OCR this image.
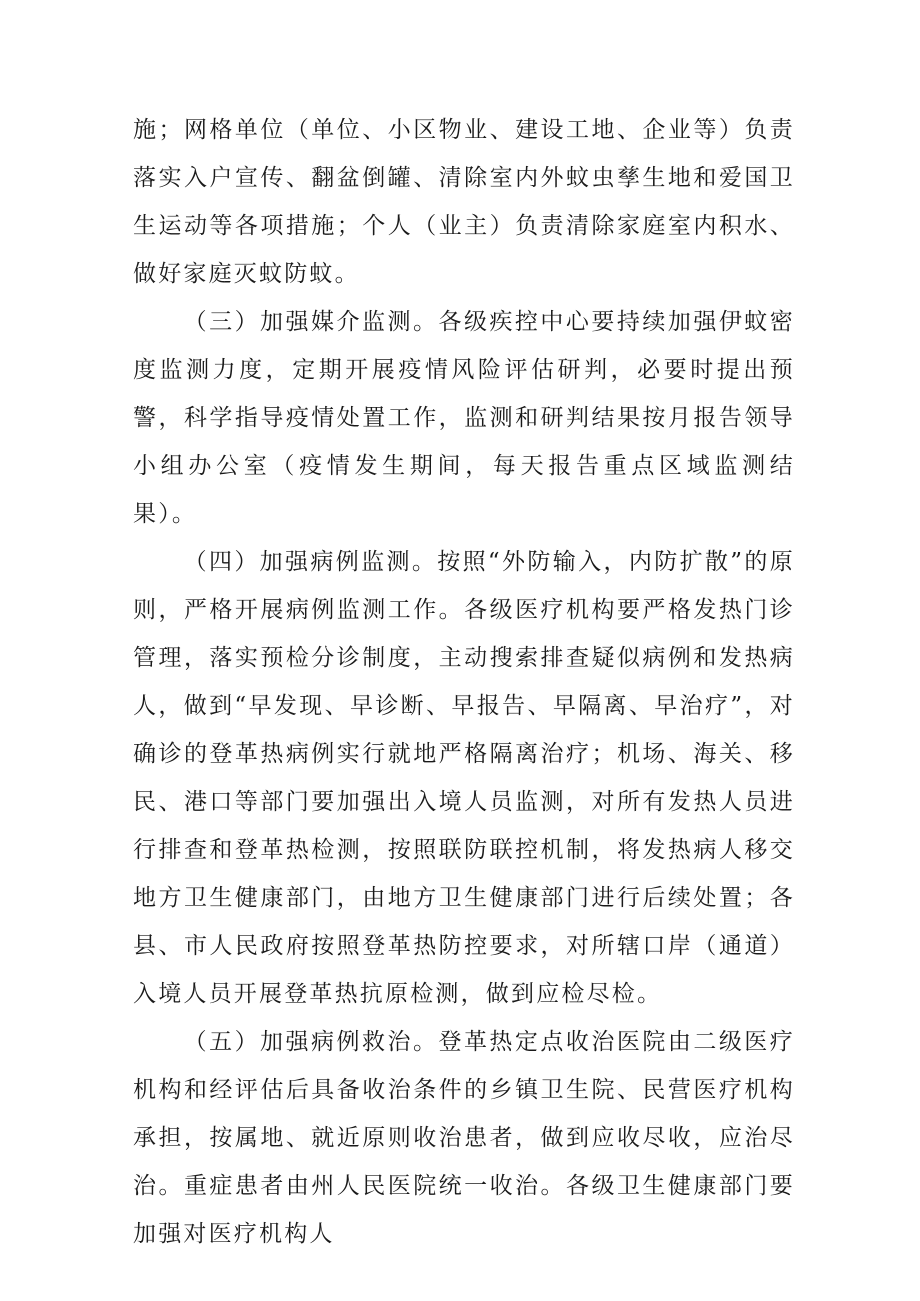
施；网格单位（单位、小区物业、建设工地、企业等）负责落实入户宣传、翻盆倒罐、清除室内外蚊虫孳生地和爱国卫生运动等各项措施；个人（业主）负责清除家庭室内积水、做好家庭灭蚊防蚊。

（三）加强媒介监测。各级疾控中心要持续加强伊蚊密度监测力度，定期开展疫情风险评估研判，必要时提出预警，科学指导疫情处置工作，监测和研判结果按月报告领导小组办公室（疫情发生期间，每天报告重点区域监测结果）。

（四）加强病例监测。按照“外防输入，内防扩散”的原则，严格开展病例监测工作。各级医疗机构要严格发热门诊管理，落实预检分诊制度，主动搜索排查疑似病例和发热病人，做到“早发现、早诊断、早报告、早隔离、早治疗”，对确诊的登革热病例实行就地严格隔离治疗；机场、海关、移民、港口等部门要加强出入境人员监测，对所有发热人员进行排查和登革热检测，按照联防联控机制，将发热病人移交地方卫生健康部门，由地方卫生健康部门进行后续处置；各县、市人民政府按照登革热防控要求，对所辖口岸（通道）入境人员开展登革热抗原检测，做到应检尽检。

（五）加强病例救治。登革热定点收治医院由二级医疗机构和经评估后具备收治条件的乡镇卫生院、民营医疗机构承担，按属地、就近原则收治患者，做到应收尽收，应治尽治。重症患者由州人民医院统一收治。各级卫生健康部门要加强对医疗机构人
